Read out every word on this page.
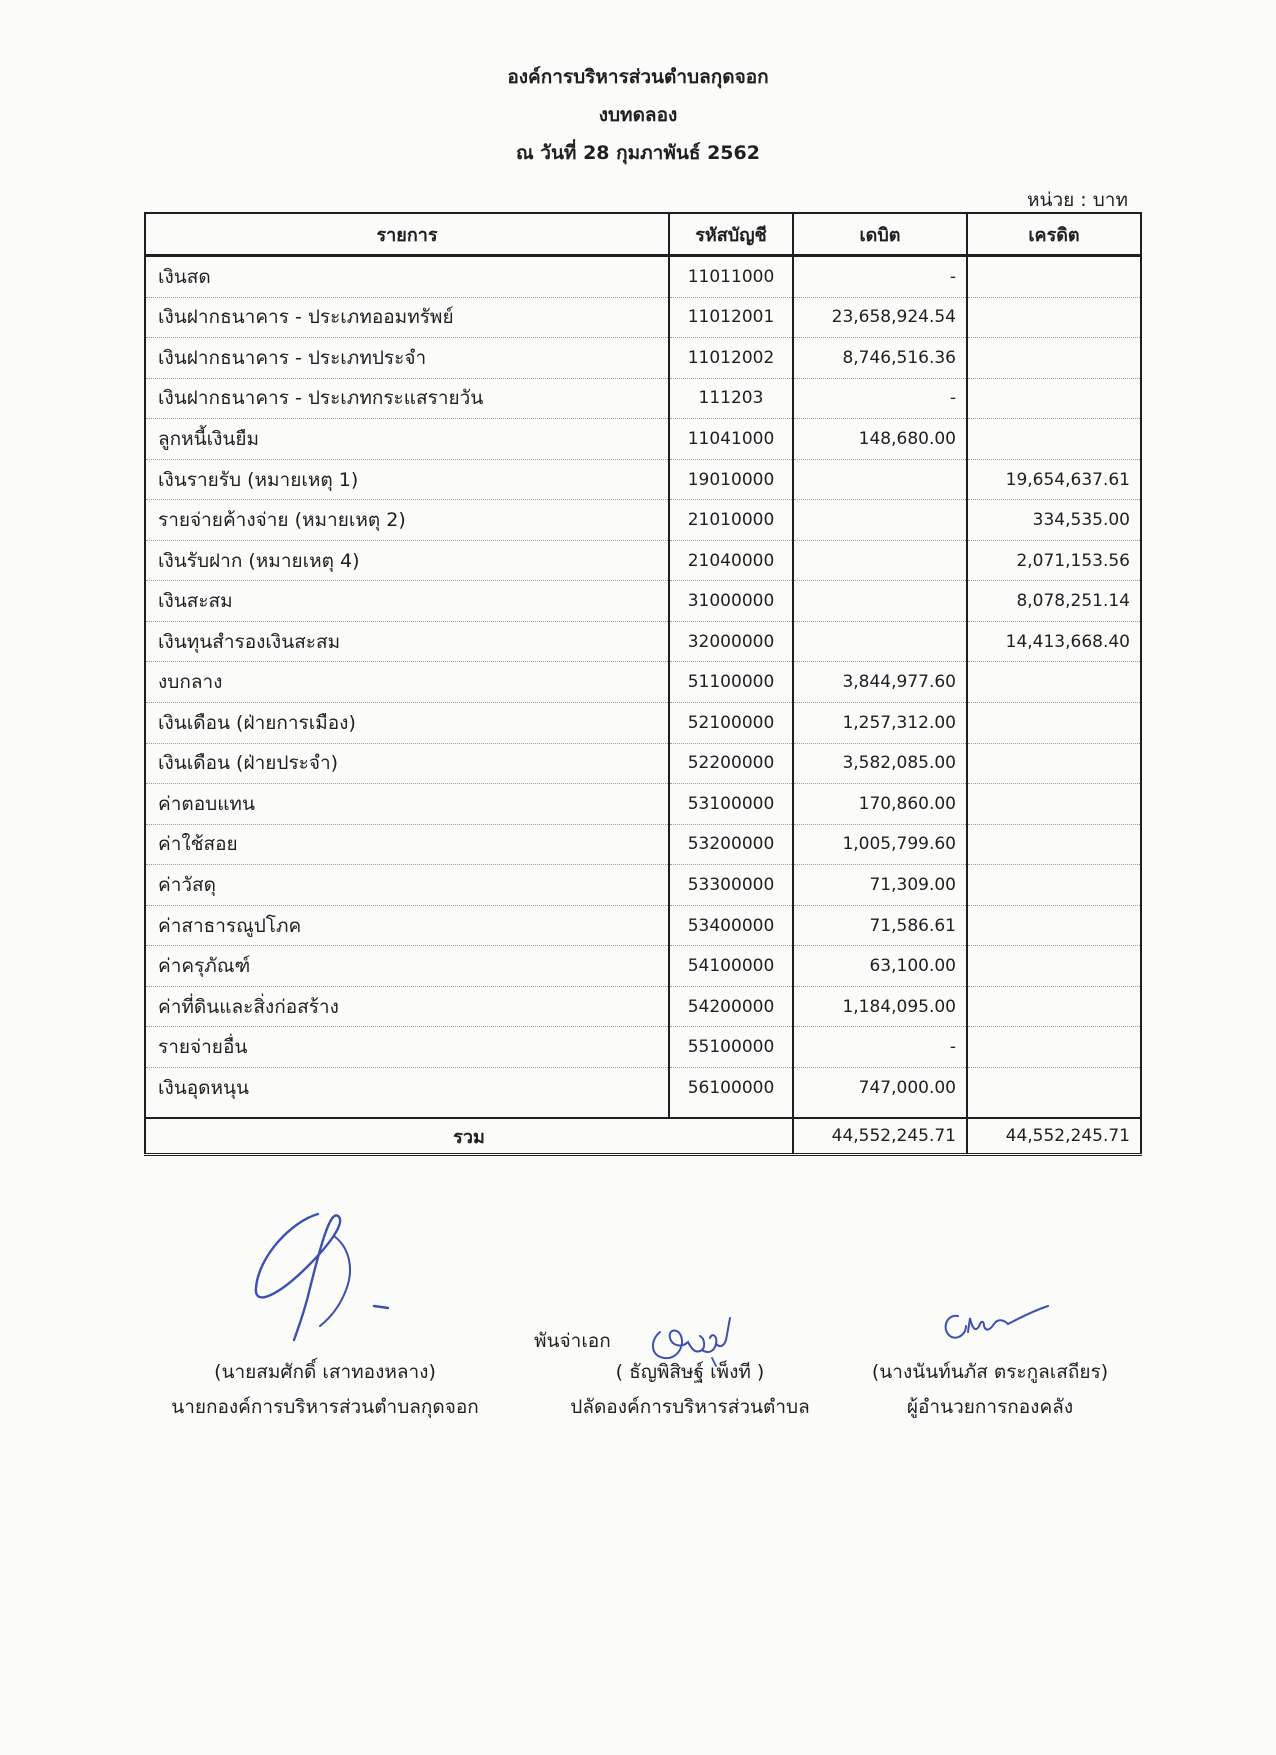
องค์การบริหารส่วนตำบลกุดจอก
งบทดลอง
ณ วันที่ 28 กุมภาพันธ์ 2562
หน่วย : บาท
รายการ	รหัสบัญชี	เดบิต	เครดิต
เงินสด	11011000	-	
เงินฝากธนาคาร - ประเภทออมทรัพย์	11012001	23,658,924.54	
เงินฝากธนาคาร - ประเภทประจำ	11012002	8,746,516.36	
เงินฝากธนาคาร - ประเภทกระแสรายวัน	111203	-	
ลูกหนี้เงินยืม	11041000	148,680.00	
เงินรายรับ (หมายเหตุ 1)	19010000		19,654,637.61
รายจ่ายค้างจ่าย (หมายเหตุ 2)	21010000		334,535.00
เงินรับฝาก (หมายเหตุ 4)	21040000		2,071,153.56
เงินสะสม	31000000		8,078,251.14
เงินทุนสำรองเงินสะสม	32000000		14,413,668.40
งบกลาง	51100000	3,844,977.60	
เงินเดือน (ฝ่ายการเมือง)	52100000	1,257,312.00	
เงินเดือน (ฝ่ายประจำ)	52200000	3,582,085.00	
ค่าตอบแทน	53100000	170,860.00	
ค่าใช้สอย	53200000	1,005,799.60	
ค่าวัสดุ	53300000	71,309.00	
ค่าสาธารณูปโภค	53400000	71,586.61	
ค่าครุภัณฑ์	54100000	63,100.00	
ค่าที่ดินและสิ่งก่อสร้าง	54200000	1,184,095.00	
รายจ่ายอื่น	55100000	-	
เงินอุดหนุน	56100000	747,000.00	

รวม		44,552,245.71	44,552,245.71
พันจ่าเอก
(นายสมศักดิ์ เสาทองหลาง)
นายกองค์การบริหารส่วนตำบลกุดจอก
( ธัญพิสิษฐ์ เพ็งที )
ปลัดองค์การบริหารส่วนตำบล
(นางนันท์นภัส ตระกูลเสถียร)
ผู้อำนวยการกองคลัง
